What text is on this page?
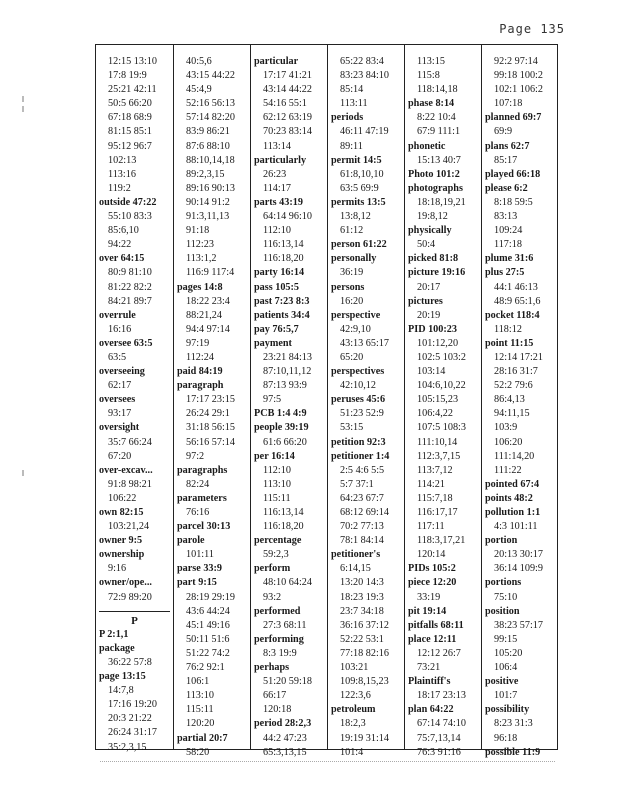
Page 135
12:15 13:10
17:8 19:9
25:21 42:11
50:5 66:20
67:18 68:9
81:15 85:1
95:12 96:7
102:13
113:16
119:2
outside 47:22
55:10 83:3
85:6,10
94:22
over 64:15
80:9 81:10
81:22 82:2
84:21 89:7
overrule
16:16
oversee 63:5
63:5
overseeing
62:17
oversees
93:17
oversight
35:7 66:24
67:20
over-excav...
91:8 98:21
106:22
own 82:15
103:21,24
owner 9:5
ownership
9:16
owner/ope...
72:9 89:20
P
P 2:1,1
package
36:22 57:8
page 13:15
14:7,8
17:16 19:20
20:3 21:22
26:24 31:17
35:2,3,15
40:5,6
43:15 44:22
45:4,9
52:16 56:13
57:14 82:20
83:9 86:21
87:6 88:10
88:10,14,18
89:2,3,15
89:16 90:13
90:14 91:2
91:3,11,13
91:18
112:23
113:1,2
116:9 117:4
pages 14:8
18:22 23:4
88:21,24
94:4 97:14
97:19
112:24
paid 84:19
paragraph
17:17 23:15
26:24 29:1
31:18 56:15
56:16 57:14
97:2
paragraphs
82:24
parameters
76:16
parcel 30:13
parole
101:11
parse 33:9
part 9:15
28:19 29:19
43:6 44:24
45:1 49:16
50:11 51:6
51:22 74:2
76:2 92:1
106:1
113:10
115:11
120:20
partial 20:7
58:20
particular
17:17 41:21
43:14 44:22
54:16 55:1
62:12 63:19
70:23 83:14
113:14
particularly
26:23
114:17
parts 43:19
64:14 96:10
112:10
116:13,14
116:18,20
party 16:14
pass 105:5
past 7:23 8:3
patients 34:4
pay 76:5,7
payment
23:21 84:13
87:10,11,12
87:13 93:9
97:5
PCB 1:4 4:9
people 39:19
61:6 66:20
per 16:14
112:10
113:10
115:11
116:13,14
116:18,20
percentage
59:2,3
perform
48:10 64:24
93:2
performed
27:3 68:11
performing
8:3 19:9
perhaps
51:20 59:18
66:17
120:18
period 28:2,3
44:2 47:23
65:3,13,15
65:22 83:4
83:23 84:10
85:14
113:11
periods
46:11 47:19
89:11
permit 14:5
61:8,10,10
63:5 69:9
permits 13:5
13:8,12
61:12
person 61:22
personally
36:19
persons
16:20
perspective
42:9,10
43:13 65:17
65:20
perspectives
42:10,12
peruses 45:6
51:23 52:9
53:15
petition 92:3
petitioner 1:4
2:5 4:6 5:5
5:7 37:1
64:23 67:7
68:12 69:14
70:2 77:13
78:1 84:14
petitioner's
6:14,15
13:20 14:3
18:23 19:3
23:7 34:18
36:16 37:12
52:22 53:1
77:18 82:16
103:21
109:8,15,23
122:3,6
petroleum
18:2,3
19:19 31:14
101:4
113:15
115:8
118:14,18
phase 8:14
8:22 10:4
67:9 111:1
phonetic
15:13 40:7
Photo 101:2
photographs
18:18,19,21
19:8,12
physically
50:4
picked 81:8
picture 19:16
20:17
pictures
20:19
PID 100:23
101:12,20
102:5 103:2
103:14
104:6,10,22
105:15,23
106:4,22
107:5 108:3
111:10,14
112:3,7,15
113:7,12
114:21
115:7,18
116:17,17
117:11
118:3,17,21
120:14
PIDs 105:2
piece 12:20
33:19
pit 19:14
pitfalls 68:11
place 12:11
12:12 26:7
73:21
Plaintiff's
18:17 23:13
plan 64:22
67:14 74:10
75:7,13,14
76:3 91:16
92:2 97:14
99:18 100:2
102:1 106:2
107:18
planned 69:7
69:9
plans 62:7
85:17
played 66:18
please 6:2
8:18 59:5
83:13
109:24
117:18
plume 31:6
plus 27:5
44:1 46:13
48:9 65:1,6
pocket 118:4
118:12
point 11:15
12:14 17:21
28:16 31:7
52:2 79:6
86:4,13
94:11,15
103:9
106:20
111:14,20
111:22
pointed 67:4
points 48:2
pollution 1:1
4:3 101:11
portion
20:13 30:17
36:14 109:9
portions
75:10
position
38:23 57:17
99:15
105:20
106:4
positive
101:7
possibility
8:23 31:3
96:18
possible 11:9
